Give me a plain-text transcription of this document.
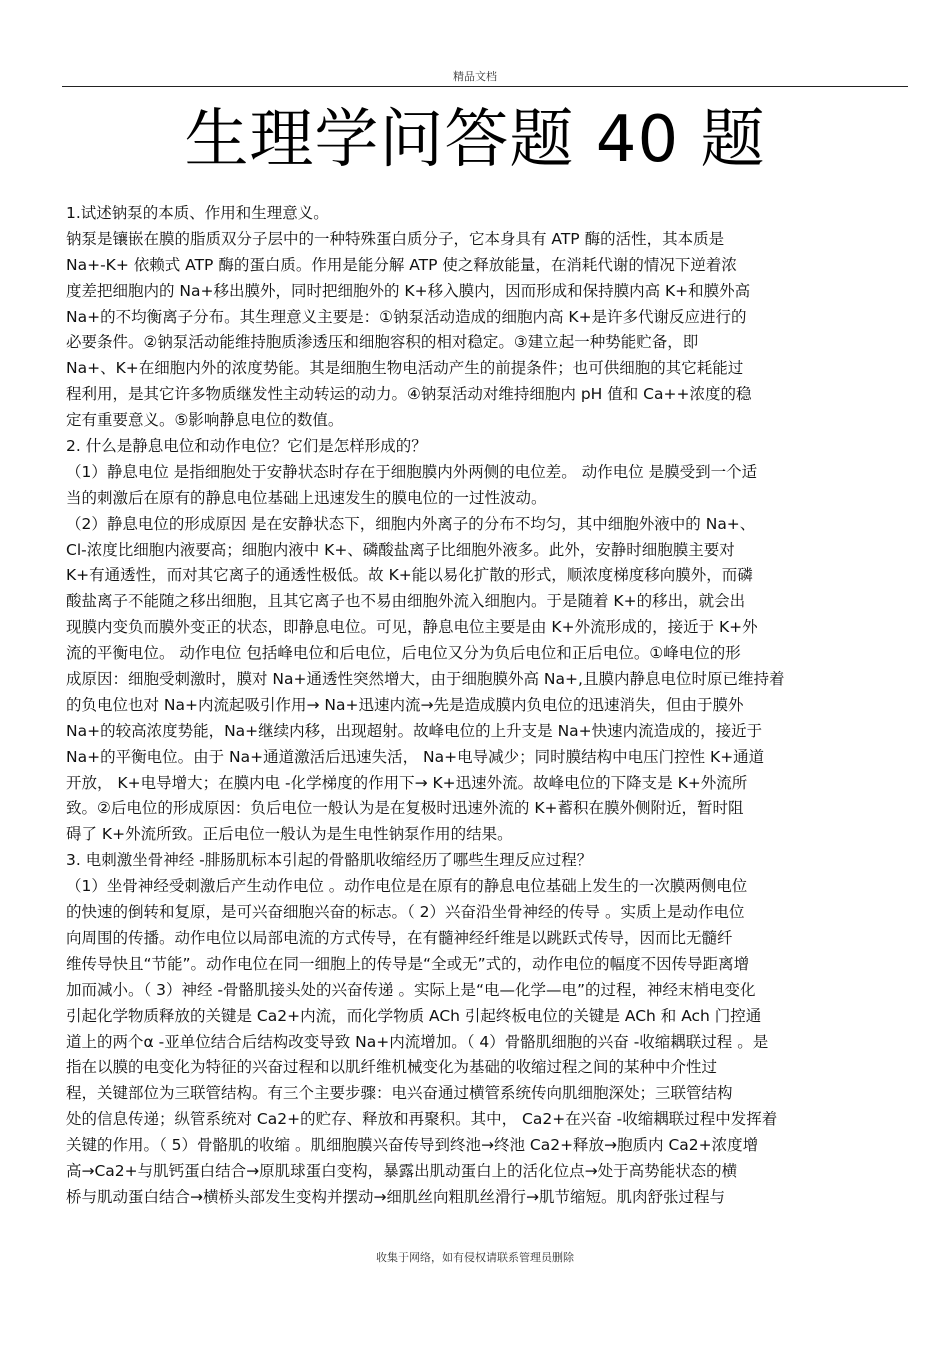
精品文档
生理学问答题 40 题
1.试述钠泵的本质、作用和生理意义。
钠泵是镶嵌在膜的脂质双分子层中的一种特殊蛋白质分子，它本身具有 ATP 酶的活性，其本质是
Na+-K+ 依赖式 ATP 酶的蛋白质。作用是能分解 ATP 使之释放能量，在消耗代谢的情况下逆着浓
度差把细胞内的 Na+移出膜外，同时把细胞外的 K+移入膜内，因而形成和保持膜内高 K+和膜外高
Na+的不均衡离子分布。其生理意义主要是：①钠泵活动造成的细胞内高 K+是许多代谢反应进行的
必要条件。②钠泵活动能维持胞质渗透压和细胞容积的相对稳定。③建立起一种势能贮备，即
Na+、K+在细胞内外的浓度势能。其是细胞生物电活动产生的前提条件；也可供细胞的其它耗能过
程利用，是其它许多物质继发性主动转运的动力。④钠泵活动对维持细胞内 pH 值和 Ca++浓度的稳
定有重要意义。⑤影响静息电位的数值。
2. 什么是静息电位和动作电位？它们是怎样形成的？
（1）静息电位 是指细胞处于安静状态时存在于细胞膜内外两侧的电位差。 动作电位 是膜受到一个适
当的刺激后在原有的静息电位基础上迅速发生的膜电位的一过性波动。
（2）静息电位的形成原因 是在安静状态下，细胞内外离子的分布不均匀，其中细胞外液中的 Na+、
Cl-浓度比细胞内液要高；细胞内液中 K+、磷酸盐离子比细胞外液多。此外，安静时细胞膜主要对
K+有通透性，而对其它离子的通透性极低。故 K+能以易化扩散的形式，顺浓度梯度移向膜外，而磷
酸盐离子不能随之移出细胞，且其它离子也不易由细胞外流入细胞内。于是随着 K+的移出，就会出
现膜内变负而膜外变正的状态，即静息电位。可见，静息电位主要是由 K+外流形成的，接近于 K+外
流的平衡电位。 动作电位 包括峰电位和后电位，后电位又分为负后电位和正后电位。①峰电位的形
成原因：细胞受刺激时，膜对 Na+通透性突然增大，由于细胞膜外高 Na+,且膜内静息电位时原已维持着
的负电位也对 Na+内流起吸引作用→ Na+迅速内流→先是造成膜内负电位的迅速消失，但由于膜外
Na+的较高浓度势能，Na+继续内移，出现超射。故峰电位的上升支是 Na+快速内流造成的，接近于
Na+的平衡电位。由于 Na+通道激活后迅速失活， Na+电导减少；同时膜结构中电压门控性 K+通道
开放， K+电导增大；在膜内电 -化学梯度的作用下→ K+迅速外流。故峰电位的下降支是 K+外流所
致。②后电位的形成原因：负后电位一般认为是在复极时迅速外流的 K+蓄积在膜外侧附近，暂时阻
碍了 K+外流所致。正后电位一般认为是生电性钠泵作用的结果。
3. 电刺激坐骨神经 -腓肠肌标本引起的骨骼肌收缩经历了哪些生理反应过程？
（1）坐骨神经受刺激后产生动作电位 。动作电位是在原有的静息电位基础上发生的一次膜两侧电位
的快速的倒转和复原，是可兴奋细胞兴奋的标志。（ 2）兴奋沿坐骨神经的传导 。实质上是动作电位
向周围的传播。动作电位以局部电流的方式传导，在有髓神经纤维是以跳跃式传导，因而比无髓纤
维传导快且“节能”。动作电位在同一细胞上的传导是“全或无”式的，动作电位的幅度不因传导距离增
加而减小。（ 3）神经 -骨骼肌接头处的兴奋传递 。实际上是“电—化学—电”的过程，神经末梢电变化
引起化学物质释放的关键是 Ca2+内流，而化学物质 ACh 引起终板电位的关键是 ACh 和 Ach 门控通
道上的两个α -亚单位结合后结构改变导致 Na+内流增加。（ 4）骨骼肌细胞的兴奋 -收缩耦联过程 。是
指在以膜的电变化为特征的兴奋过程和以肌纤维机械变化为基础的收缩过程之间的某种中介性过
程，关键部位为三联管结构。有三个主要步骤：电兴奋通过横管系统传向肌细胞深处；三联管结构
处的信息传递；纵管系统对 Ca2+的贮存、释放和再聚积。其中， Ca2+在兴奋 -收缩耦联过程中发挥着
关键的作用。（ 5）骨骼肌的收缩 。肌细胞膜兴奋传导到终池→终池 Ca2+释放→胞质内 Ca2+浓度增
高→Ca2+与肌钙蛋白结合→原肌球蛋白变构，暴露出肌动蛋白上的活化位点→处于高势能状态的横
桥与肌动蛋白结合→横桥头部发生变构并摆动→细肌丝向粗肌丝滑行→肌节缩短。肌肉舒张过程与
收集于网络，如有侵权请联系管理员删除
